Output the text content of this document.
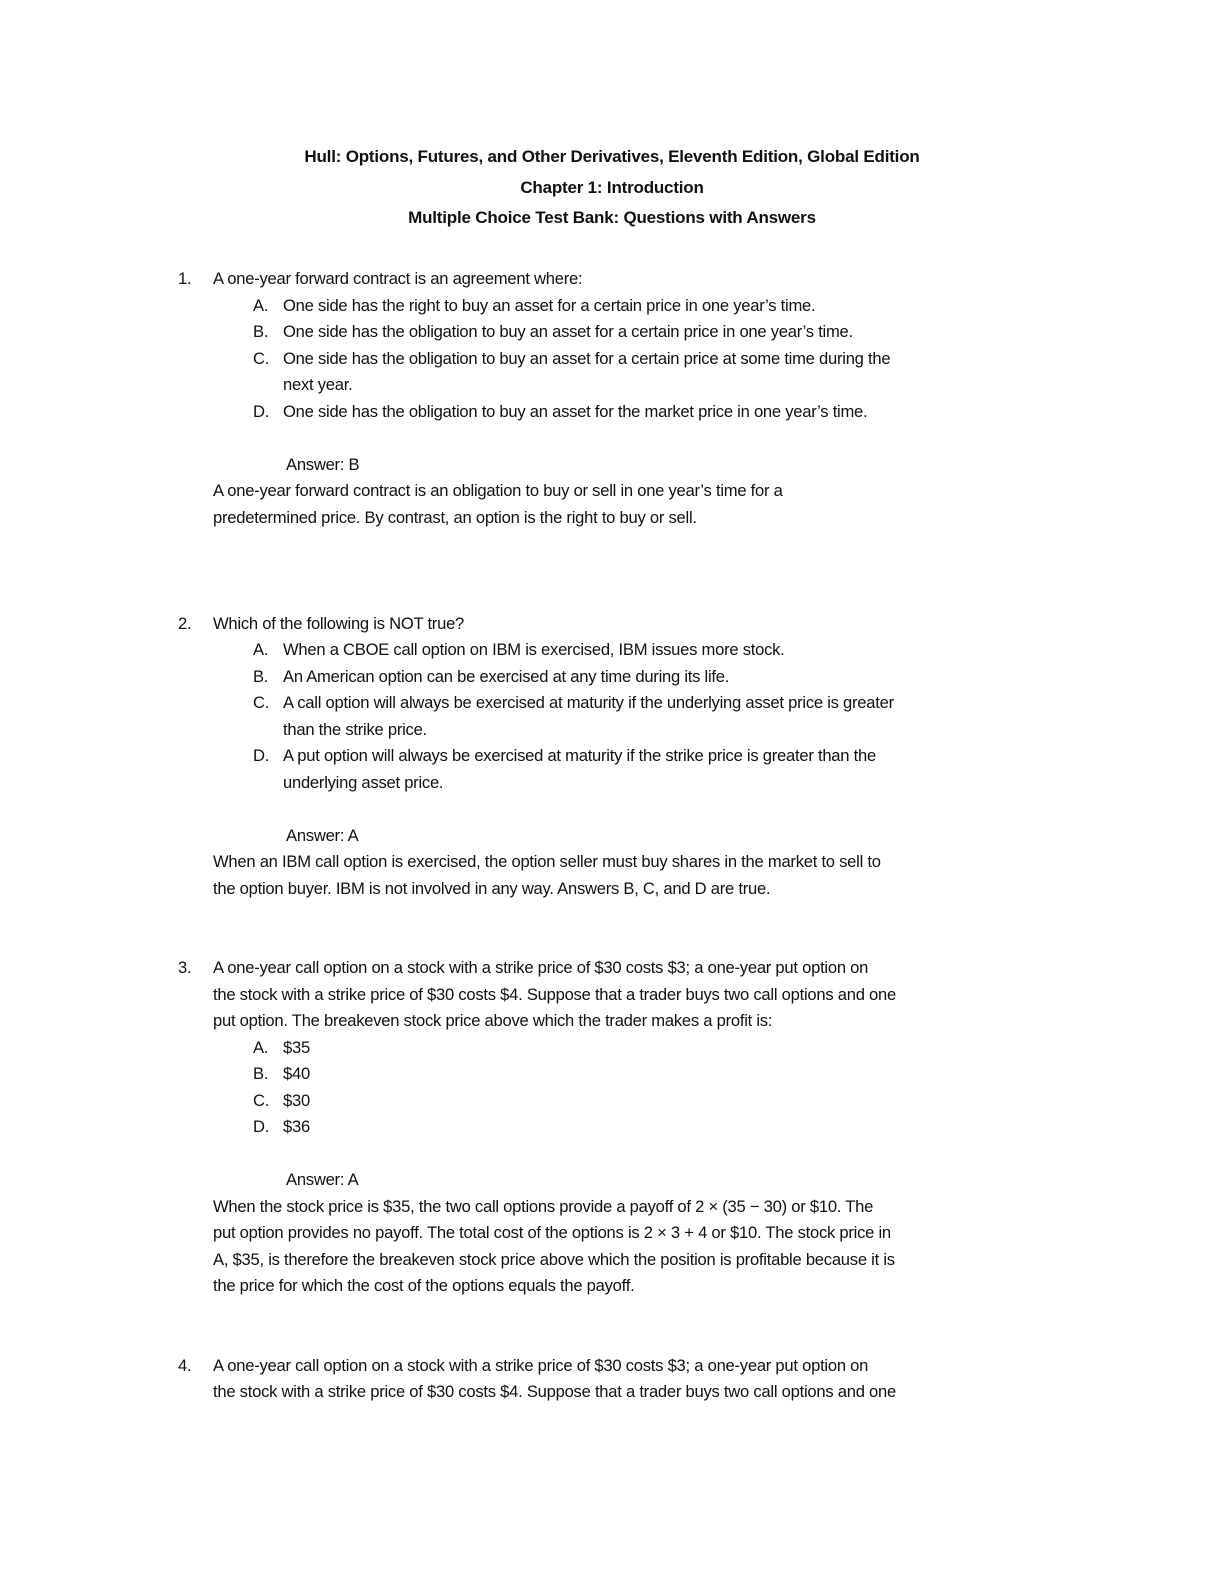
Hull: Options, Futures, and Other Derivatives, Eleventh Edition, Global Edition
Chapter 1: Introduction
Multiple Choice Test Bank: Questions with Answers
1.	A one-year forward contract is an agreement where:
A. One side has the right to buy an asset for a certain price in one year’s time.
B. One side has the obligation to buy an asset for a certain price in one year’s time.
C. One side has the obligation to buy an asset for a certain price at some time during the
next year.
D. One side has the obligation to buy an asset for the market price in one year’s time.
Answer: B
A one-year forward contract is an obligation to buy or sell in one year’s time for a
predetermined price. By contrast, an option is the right to buy or sell.
2.	Which of the following is NOT true?
A. When a CBOE call option on IBM is exercised, IBM issues more stock.
B. An American option can be exercised at any time during its life.
C. A call option will always be exercised at maturity if the underlying asset price is greater
than the strike price.
D. A put option will always be exercised at maturity if the strike price is greater than the
underlying asset price.
Answer: A
When an IBM call option is exercised, the option seller must buy shares in the market to sell to
the option buyer. IBM is not involved in any way. Answers B, C, and D are true.
3.	A one-year call option on a stock with a strike price of $30 costs $3; a one-year put option on
the stock with a strike price of $30 costs $4. Suppose that a trader buys two call options and one
put option. The breakeven stock price above which the trader makes a profit is:
A. $35
B. $40
C. $30
D. $36
Answer: A
When the stock price is $35, the two call options provide a payoff of 2 × (35 − 30) or $10. The
put option provides no payoff. The total cost of the options is 2 × 3 + 4 or $10. The stock price in
A, $35, is therefore the breakeven stock price above which the position is profitable because it is
the price for which the cost of the options equals the payoff.
4.	A one-year call option on a stock with a strike price of $30 costs $3; a one-year put option on
the stock with a strike price of $30 costs $4. Suppose that a trader buys two call options and one
